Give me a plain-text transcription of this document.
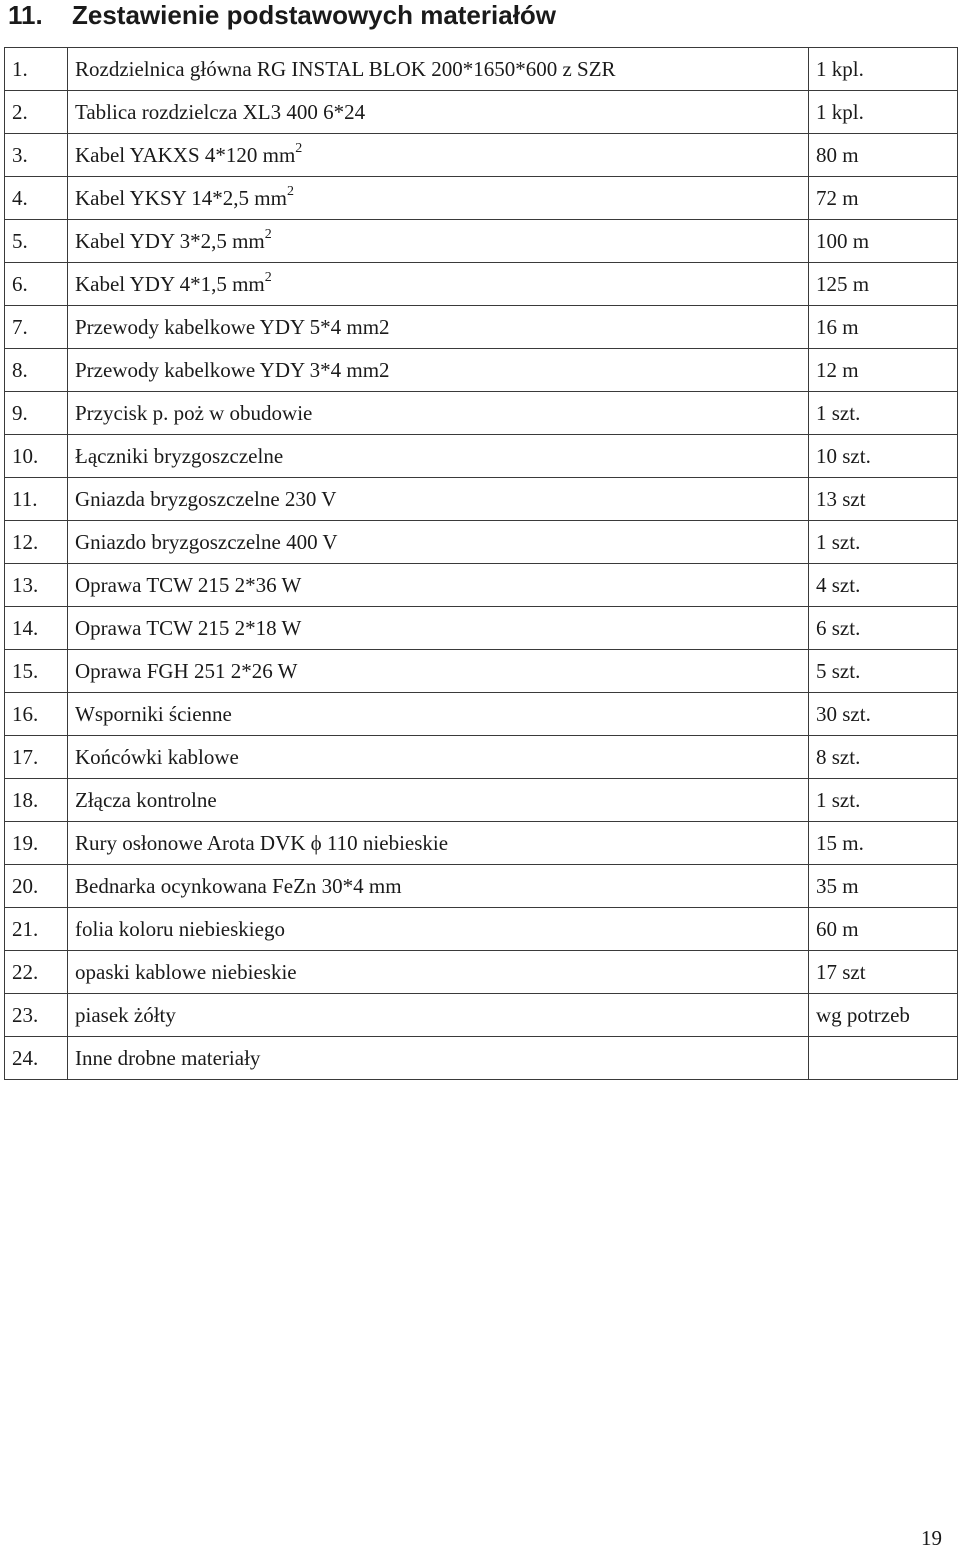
11. Zestawienie podstawowych materiałów
1.	Rozdzielnica główna RG INSTAL BLOK 200*1650*600 z SZR	1 kpl.
2.	Tablica rozdzielcza XL3 400 6*24	1 kpl.
3.	Kabel YAKXS 4*120 $mm^2$	80 m
4.	Kabel YKSY 14*2,5 $mm^2$	72 m
5.	Kabel YDY 3*2,5 $mm^2$	100 m
6.	Kabel YDY 4*1,5 $mm^2$	125 m
7.	Przewody kabelkowe YDY 5*4 mm2	16 m
8.	Przewody kabelkowe YDY 3*4 mm2	12 m
9.	Przycisk p. poż w obudowie	1 szt.
10.	Łączniki bryzgoszczelne	10 szt.
11.	Gniazda bryzgoszczelne 230 V	13 szt
12.	Gniazdo bryzgoszczelne 400 V	1 szt.
13.	Oprawa TCW 215 2*36 W	4 szt.
14.	Oprawa TCW 215 2*18 W	6 szt.
15.	Oprawa FGH 251 2*26 W	5 szt.
16.	Wsporniki ścienne	30 szt.
17.	Końcówki kablowe	8 szt.
18.	Złącza kontrolne	1 szt.
19.	Rury osłonowe Arota DVK ϕ 110 niebieskie	15 m.
20.	Bednarka ocynkowana FeZn 30*4 mm	35 m
21.	folia koloru niebieskiego	60 m
22.	opaski kablowe niebieskie	17 szt
23.	piasek żółty	wg potrzeb
24.	Inne drobne materiały	
19
